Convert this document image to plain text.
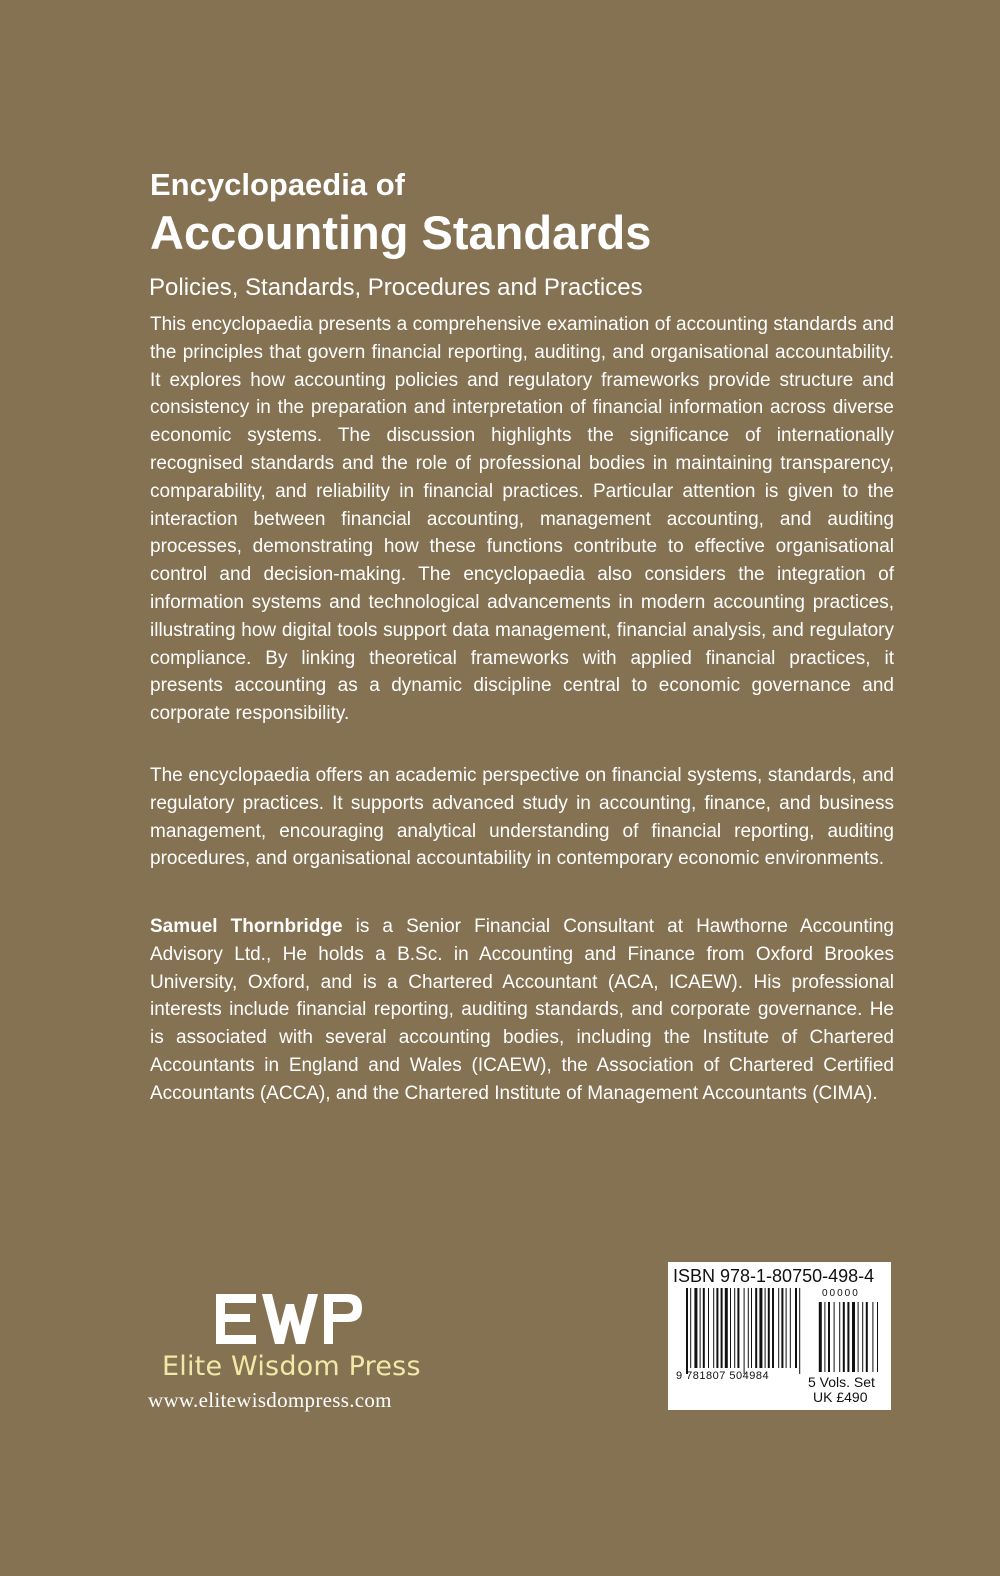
Encyclopaedia of
Accounting Standards
Policies, Standards, Procedures and Practices
This encyclopaedia presents a comprehensive examination of accounting standards and the principles that govern financial reporting, auditing, and organisational accountability. It explores how accounting policies and regulatory frameworks provide structure and consistency in the preparation and interpretation of financial information across diverse economic systems. The discussion highlights the significance of internationally recognised standards and the role of professional bodies in maintaining transparency, comparability, and reliability in financial practices. Particular attention is given to the interaction between financial accounting, management accounting, and auditing processes, demonstrating how these functions contribute to effective organisational control and decision-making. The encyclopaedia also considers the integration of information systems and technological advancements in modern accounting practices, illustrating how digital tools support data management, financial analysis, and regulatory compliance. By linking theoretical frameworks with applied financial practices, it presents accounting as a dynamic discipline central to economic governance and corporate responsibility.
The encyclopaedia offers an academic perspective on financial systems, standards, and regulatory practices. It supports advanced study in accounting, finance, and business management, encouraging analytical understanding of financial reporting, auditing procedures, and organisational accountability in contemporary economic environments.
Samuel Thornbridge is a Senior Financial Consultant at Hawthorne Accounting Advisory Ltd., He holds a B.Sc. in Accounting and Finance from Oxford Brookes University, Oxford, and is a Chartered Accountant (ACA, ICAEW). His professional interests include financial reporting, auditing standards, and corporate governance. He is associated with several accounting bodies, including the Institute of Chartered Accountants in England and Wales (ICAEW), the Association of Chartered Certified Accountants (ACCA), and the Chartered Institute of Management Accountants (CIMA).
Elite Wisdom Press
www.elitewisdompress.com
ISBN 978-1-80750-498-4
00000
9 781807 504984	5 Vols. Set
UK £490
